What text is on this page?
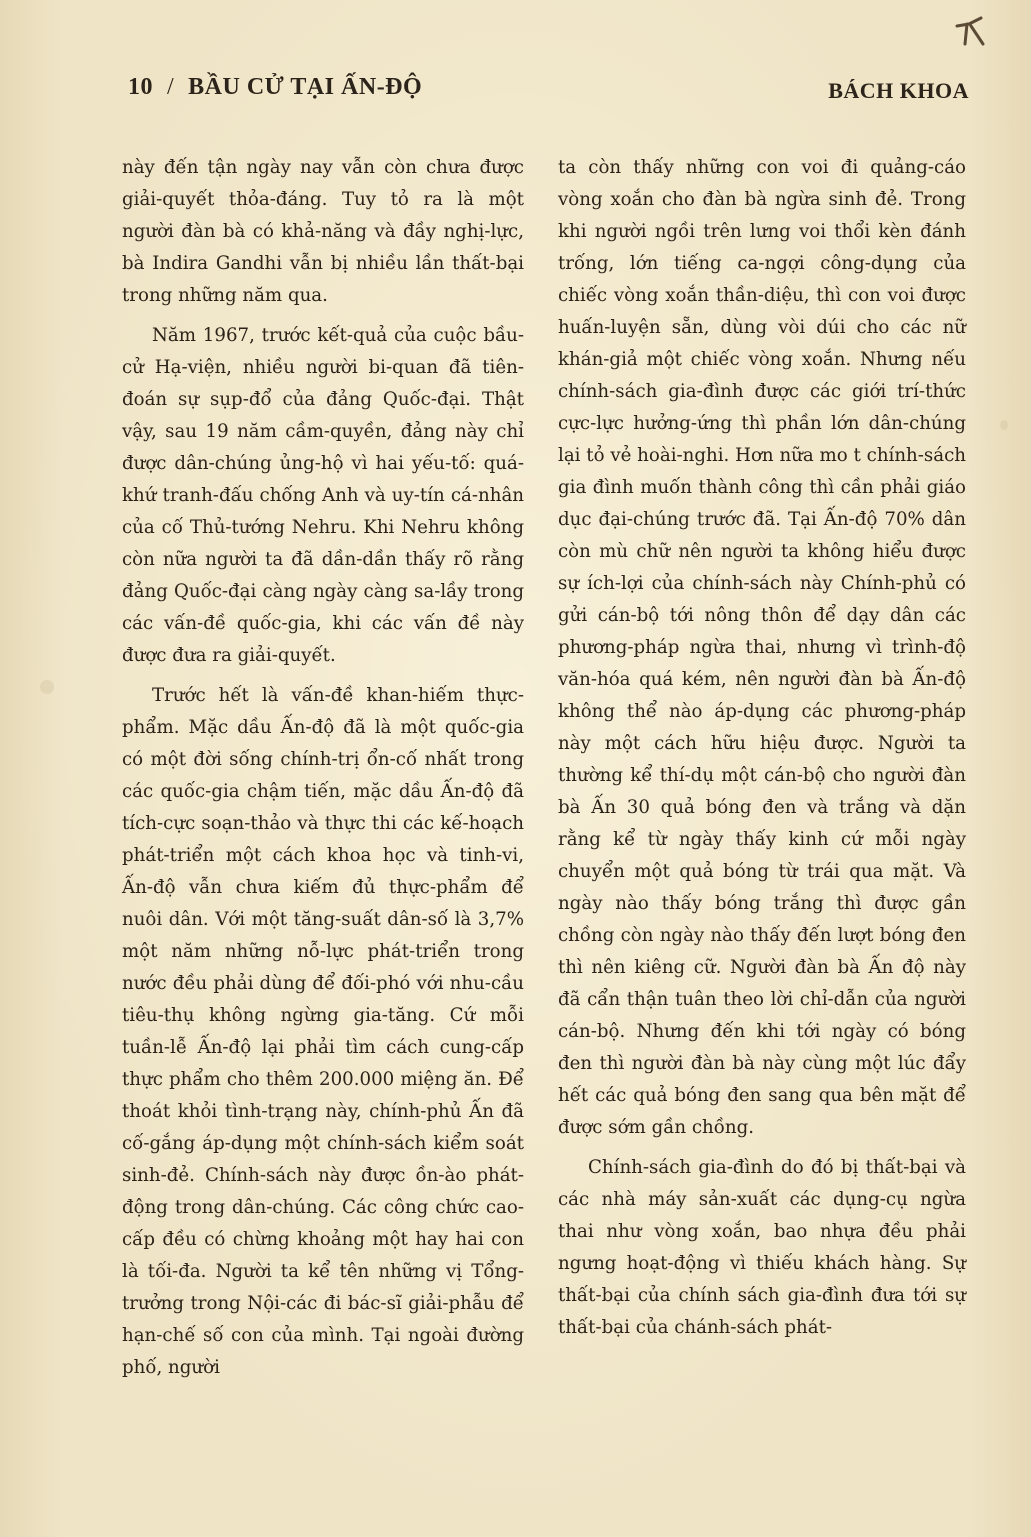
10 / BẦU CỬ TẠI ẤN-ĐỘ	BÁCH KHOA

này đến tận ngày nay vẫn còn chưa được giải-quyết thỏa-đáng. Tuy tỏ ra là một người đàn bà có khả-năng và đầy nghị-lực, bà Indira Gandhi vẫn bị nhiều lần thất-bại trong những năm qua.

Năm 1967, trước kết-quả của cuộc bầu-cử Hạ-viện, nhiều người bi-quan đã tiên-đoán sự sụp-đổ của đảng Quốc-đại. Thật vậy, sau 19 năm cầm-quyền, đảng này chỉ được dân-chúng ủng-hộ vì hai yếu-tố: quá-khứ tranh-đấu chống Anh và uy-tín cá-nhân của cố Thủ-tướng Nehru. Khi Nehru không còn nữa người ta đã dần-dần thấy rõ rằng đảng Quốc-đại càng ngày càng sa-lầy trong các vấn-đề quốc-gia, khi các vấn đề này được đưa ra giải-quyết.

Trước hết là vấn-đề khan-hiếm thực-phẩm. Mặc dầu Ấn-độ đã là một quốc-gia có một đời sống chính-trị ổn-cố nhất trong các quốc-gia chậm tiến, mặc dầu Ấn-độ đã tích-cực soạn-thảo và thực thi các kế-hoạch phát-triển một cách khoa học và tinh-vi, Ấn-độ vẫn chưa kiếm đủ thực-phẩm để nuôi dân. Với một tăng-suất dân-số là 3,7% một năm những nỗ-lực phát-triển trong nước đều phải dùng để đối-phó với nhu-cầu tiêu-thụ không ngừng gia-tăng. Cứ mỗi tuần-lễ Ấn-độ lại phải tìm cách cung-cấp thực phẩm cho thêm 200.000 miệng ăn. Để thoát khỏi tình-trạng này, chính-phủ Ấn đã cố-gắng áp-dụng một chính-sách kiểm soát sinh-đẻ. Chính-sách này được ồn-ào phát-động trong dân-chúng. Các công chức cao-cấp đều có chừng khoảng một hay hai con là tối-đa. Người ta kể tên những vị Tổng-trưởng trong Nội-các đi bác-sĩ giải-phẫu để hạn-chế số con của mình. Tại ngoài đường phố, người

ta còn thấy những con voi đi quảng-cáo vòng xoắn cho đàn bà ngừa sinh đẻ. Trong khi người ngồi trên lưng voi thổi kèn đánh trống, lớn tiếng ca-ngợi công-dụng của chiếc vòng xoắn thần-diệu, thì con voi được huấn-luyện sẵn, dùng vòi dúi cho các nữ khán-giả một chiếc vòng xoắn. Nhưng nếu chính-sách gia-đình được các giới trí-thức cực-lực hưởng-ứng thì phần lớn dân-chúng lại tỏ vẻ hoài-nghi. Hơn nữa mo t chính-sách gia đình muốn thành công thì cần phải giáo dục đại-chúng trước đã. Tại Ấn-độ 70% dân còn mù chữ nên người ta không hiểu được sự ích-lợi của chính-sách này Chính-phủ có gửi cán-bộ tới nông thôn để dạy dân các phương-pháp ngừa thai, nhưng vì trình-độ văn-hóa quá kém, nên người đàn bà Ấn-độ không thể nào áp-dụng các phương-pháp này một cách hữu hiệu được. Người ta thường kể thí-dụ một cán-bộ cho người đàn bà Ấn 30 quả bóng đen và trắng và dặn rằng kể từ ngày thấy kinh cứ mỗi ngày chuyển một quả bóng từ trái qua mặt. Và ngày nào thấy bóng trắng thì được gần chồng còn ngày nào thấy đến lượt bóng đen thì nên kiêng cữ. Người đàn bà Ấn độ này đã cẩn thận tuân theo lời chỉ-dẫn của người cán-bộ. Nhưng đến khi tới ngày có bóng đen thì người đàn bà này cùng một lúc đẩy hết các quả bóng đen sang qua bên mặt để được sớm gần chồng.

Chính-sách gia-đình do đó bị thất-bại và các nhà máy sản-xuất các dụng-cụ ngừa thai như vòng xoắn, bao nhựa đều phải ngưng hoạt-động vì thiếu khách hàng. Sự thất-bại của chính sách gia-đình đưa tới sự thất-bại của chánh-sách phát-
